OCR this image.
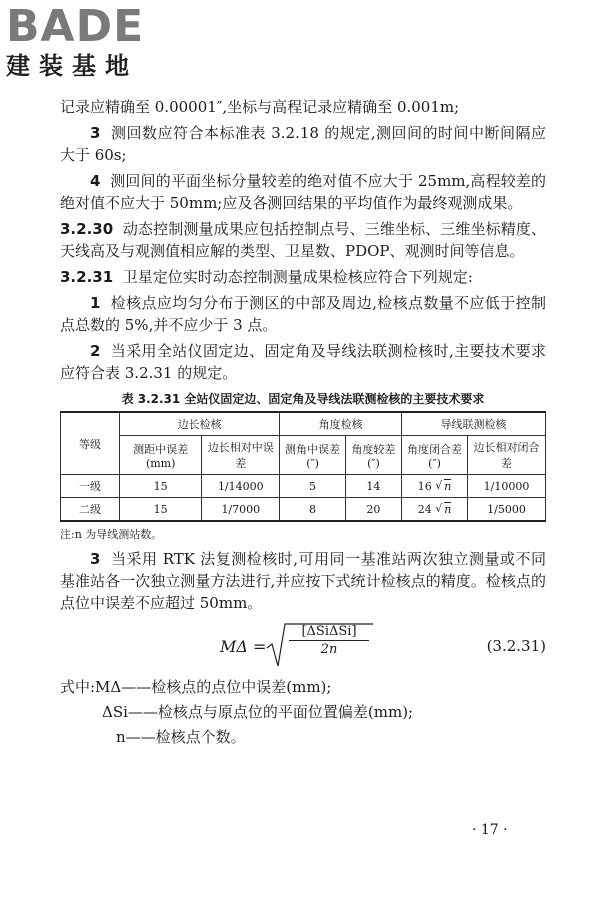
BADE
建装基地

记录应精确至 0.00001″,坐标与高程记录应精确至 0.001m;

3 测回数应符合本标准表 3.2.18 的规定,测回间的时间中断间隔应大于 60s;

4 测回间的平面坐标分量较差的绝对值不应大于 25mm,高程较差的绝对值不应大于 50mm;应及各测回结果的平均值作为最终观测成果。

3.2.30 动态控制测量成果应包括控制点号、三维坐标、三维坐标精度、天线高及与观测值相应解的类型、卫星数、PDOP、观测时间等信息。

3.2.31 卫星定位实时动态控制测量成果检核应符合下列规定:

1 检核点应均匀分布于测区的中部及周边,检核点数量不应低于控制点总数的 5%,并不应少于 3 点。

2 当采用全站仪固定边、固定角及导线法联测检核时,主要技术要求应符合表 3.2.31 的规定。

表 3.2.31 全站仪固定边、固定角及导线法联测检核的主要技术要求
等级	边长检核		角度检核		导线联测检核	
	测距中误差(mm)	边长相对中误差	测角中误差(″)	角度较差(″)	角度闭合差(″)	边长相对闭合差
一级	15	1/14000	5	14	16 √ n	1/10000
二级	15	1/7000	8	20	24 √ n	1/5000
注:n 为导线测站数。

3 当采用 RTK 法复测检核时,可用同一基准站两次独立测量或不同基准站各一次独立测量方法进行,并应按下式统计检核点的精度。检核点的点位中误差不应超过 50mm。

MΔ =
[ΔSiΔSi]
2n	(3.2.31)

式中:MΔ——检核点的点位中误差(mm);

ΔSi——检核点与原点位的平面位置偏差(mm);

n——检核点个数。

· 17 ·
